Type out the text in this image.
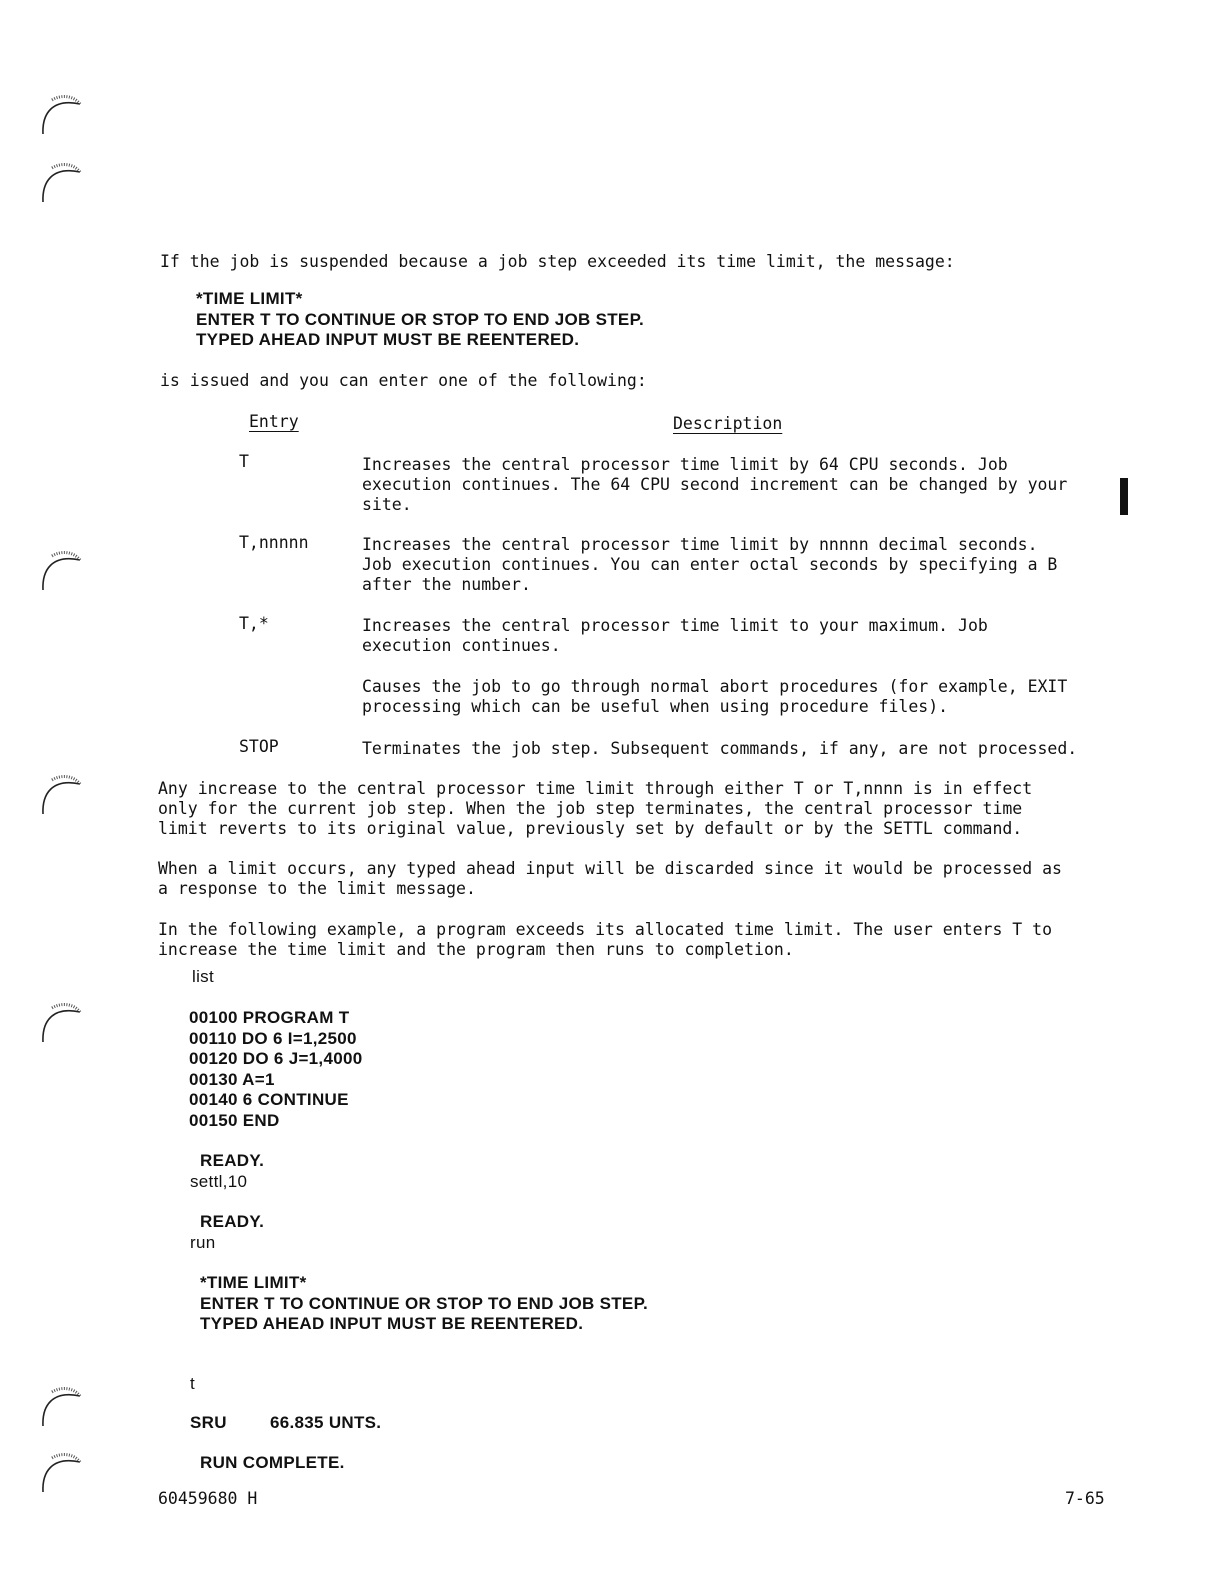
If the job is suspended because a job step exceeded its time limit, the message:
*TIME LIMIT*
ENTER T TO CONTINUE OR STOP TO END JOB STEP.
TYPED AHEAD INPUT MUST BE REENTERED.
is issued and you can enter one of the following:
Entry	Description
T	Increases the central processor time limit by 64 CPU seconds. Job
execution continues. The 64 CPU second increment can be changed by your
site.
T,nnnnn	Increases the central processor time limit by nnnnn decimal seconds.
Job execution continues. You can enter octal seconds by specifying a B
after the number.
T,*	Increases the central processor time limit to your maximum. Job
execution continues.
Causes the job to go through normal abort procedures (for example, EXIT
processing which can be useful when using procedure files).
STOP	Terminates the job step. Subsequent commands, if any, are not processed.
Any increase to the central processor time limit through either T or T,nnnn is in effect
only for the current job step. When the job step terminates, the central processor time
limit reverts to its original value, previously set by default or by the SETTL command.
When a limit occurs, any typed ahead input will be discarded since it would be processed as
a response to the limit message.
In the following example, a program exceeds its allocated time limit. The user enters T to
increase the time limit and the program then runs to completion.
list
00100 PROGRAM T
00110 DO 6 I=1,2500
00120 DO 6 J=1,4000
00130 A=1
00140 6 CONTINUE
00150 END
READY.
settl,10
READY.
run
*TIME LIMIT*
ENTER T TO CONTINUE OR STOP TO END JOB STEP.
TYPED AHEAD INPUT MUST BE REENTERED.
t
SRU	66.835 UNTS.
RUN COMPLETE.
60459680 H	7-65
